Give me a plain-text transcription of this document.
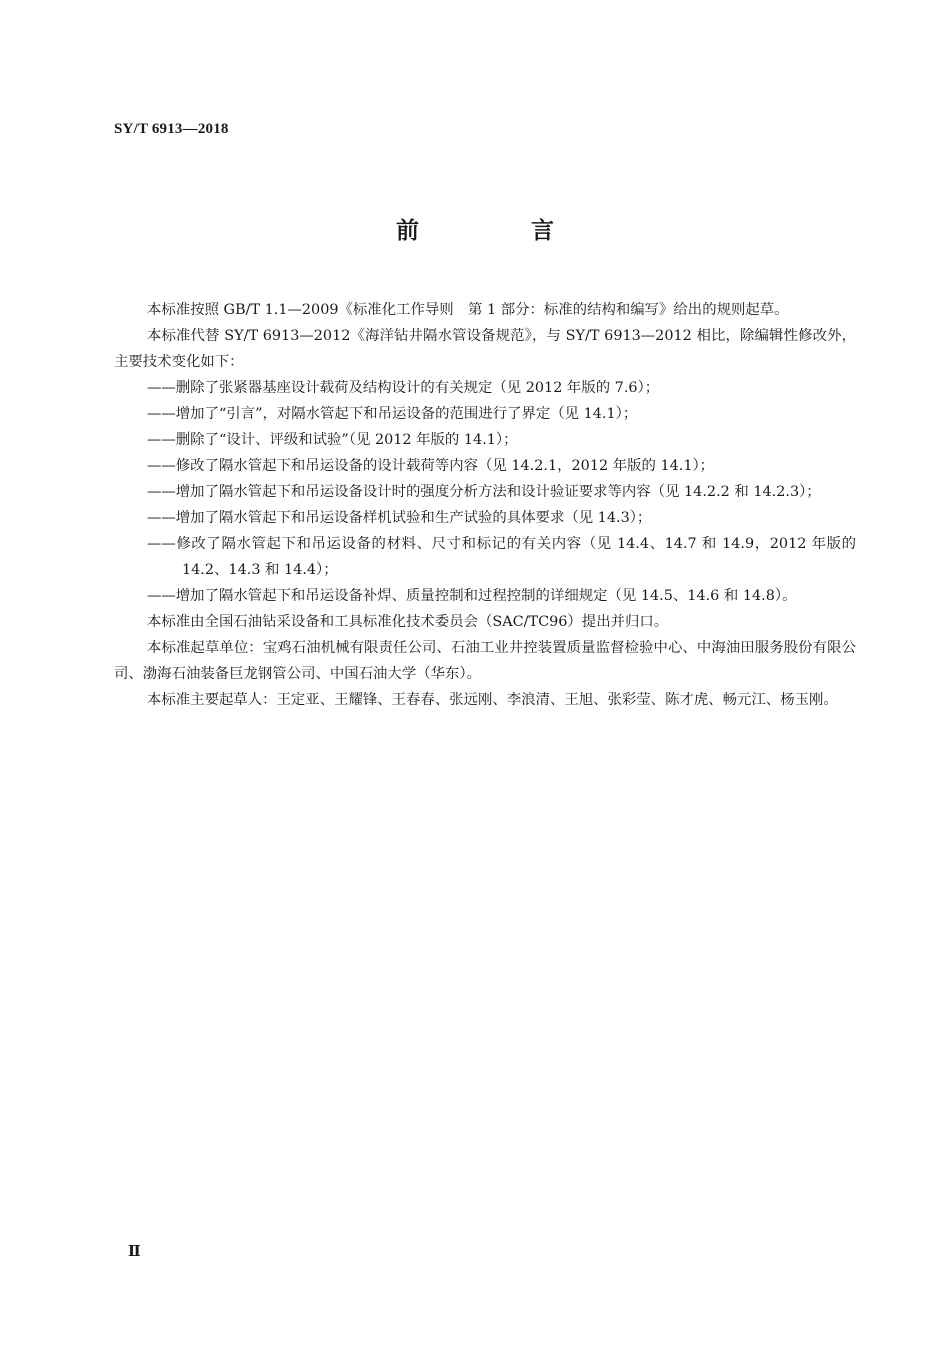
SY/T 6913—2018
前 言

本标准按照 GB/T 1.1—2009《标准化工作导则　第 1 部分：标准的结构和编写》给出的规则起草。

本标准代替 SY/T 6913—2012《海洋钻井隔水管设备规范》，与 SY/T 6913—2012 相比，除编辑性修改外，主要技术变化如下：

——删除了张紧器基座设计载荷及结构设计的有关规定（见 2012 年版的 7.6）；

——增加了“引言”，对隔水管起下和吊运设备的范围进行了界定（见 14.1）；

——删除了“设计、评级和试验”（见 2012 年版的 14.1）；

——修改了隔水管起下和吊运设备的设计载荷等内容（见 14.2.1，2012 年版的 14.1）；

——增加了隔水管起下和吊运设备设计时的强度分析方法和设计验证要求等内容（见 14.2.2 和 14.2.3）；

——增加了隔水管起下和吊运设备样机试验和生产试验的具体要求（见 14.3）；

——修改了隔水管起下和吊运设备的材料、尺寸和标记的有关内容（见 14.4、14.7 和 14.9，2012 年版的 14.2、14.3 和 14.4）；

——增加了隔水管起下和吊运设备补焊、质量控制和过程控制的详细规定（见 14.5、14.6 和 14.8）。

本标准由全国石油钻采设备和工具标准化技术委员会（SAC/TC96）提出并归口。

本标准起草单位：宝鸡石油机械有限责任公司、石油工业井控装置质量监督检验中心、中海油田服务股份有限公司、渤海石油装备巨龙钢管公司、中国石油大学（华东）。

本标准主要起草人：王定亚、王耀锋、王春春、张远刚、李浪清、王旭、张彩莹、陈才虎、畅元江、杨玉刚。

Ⅱ
